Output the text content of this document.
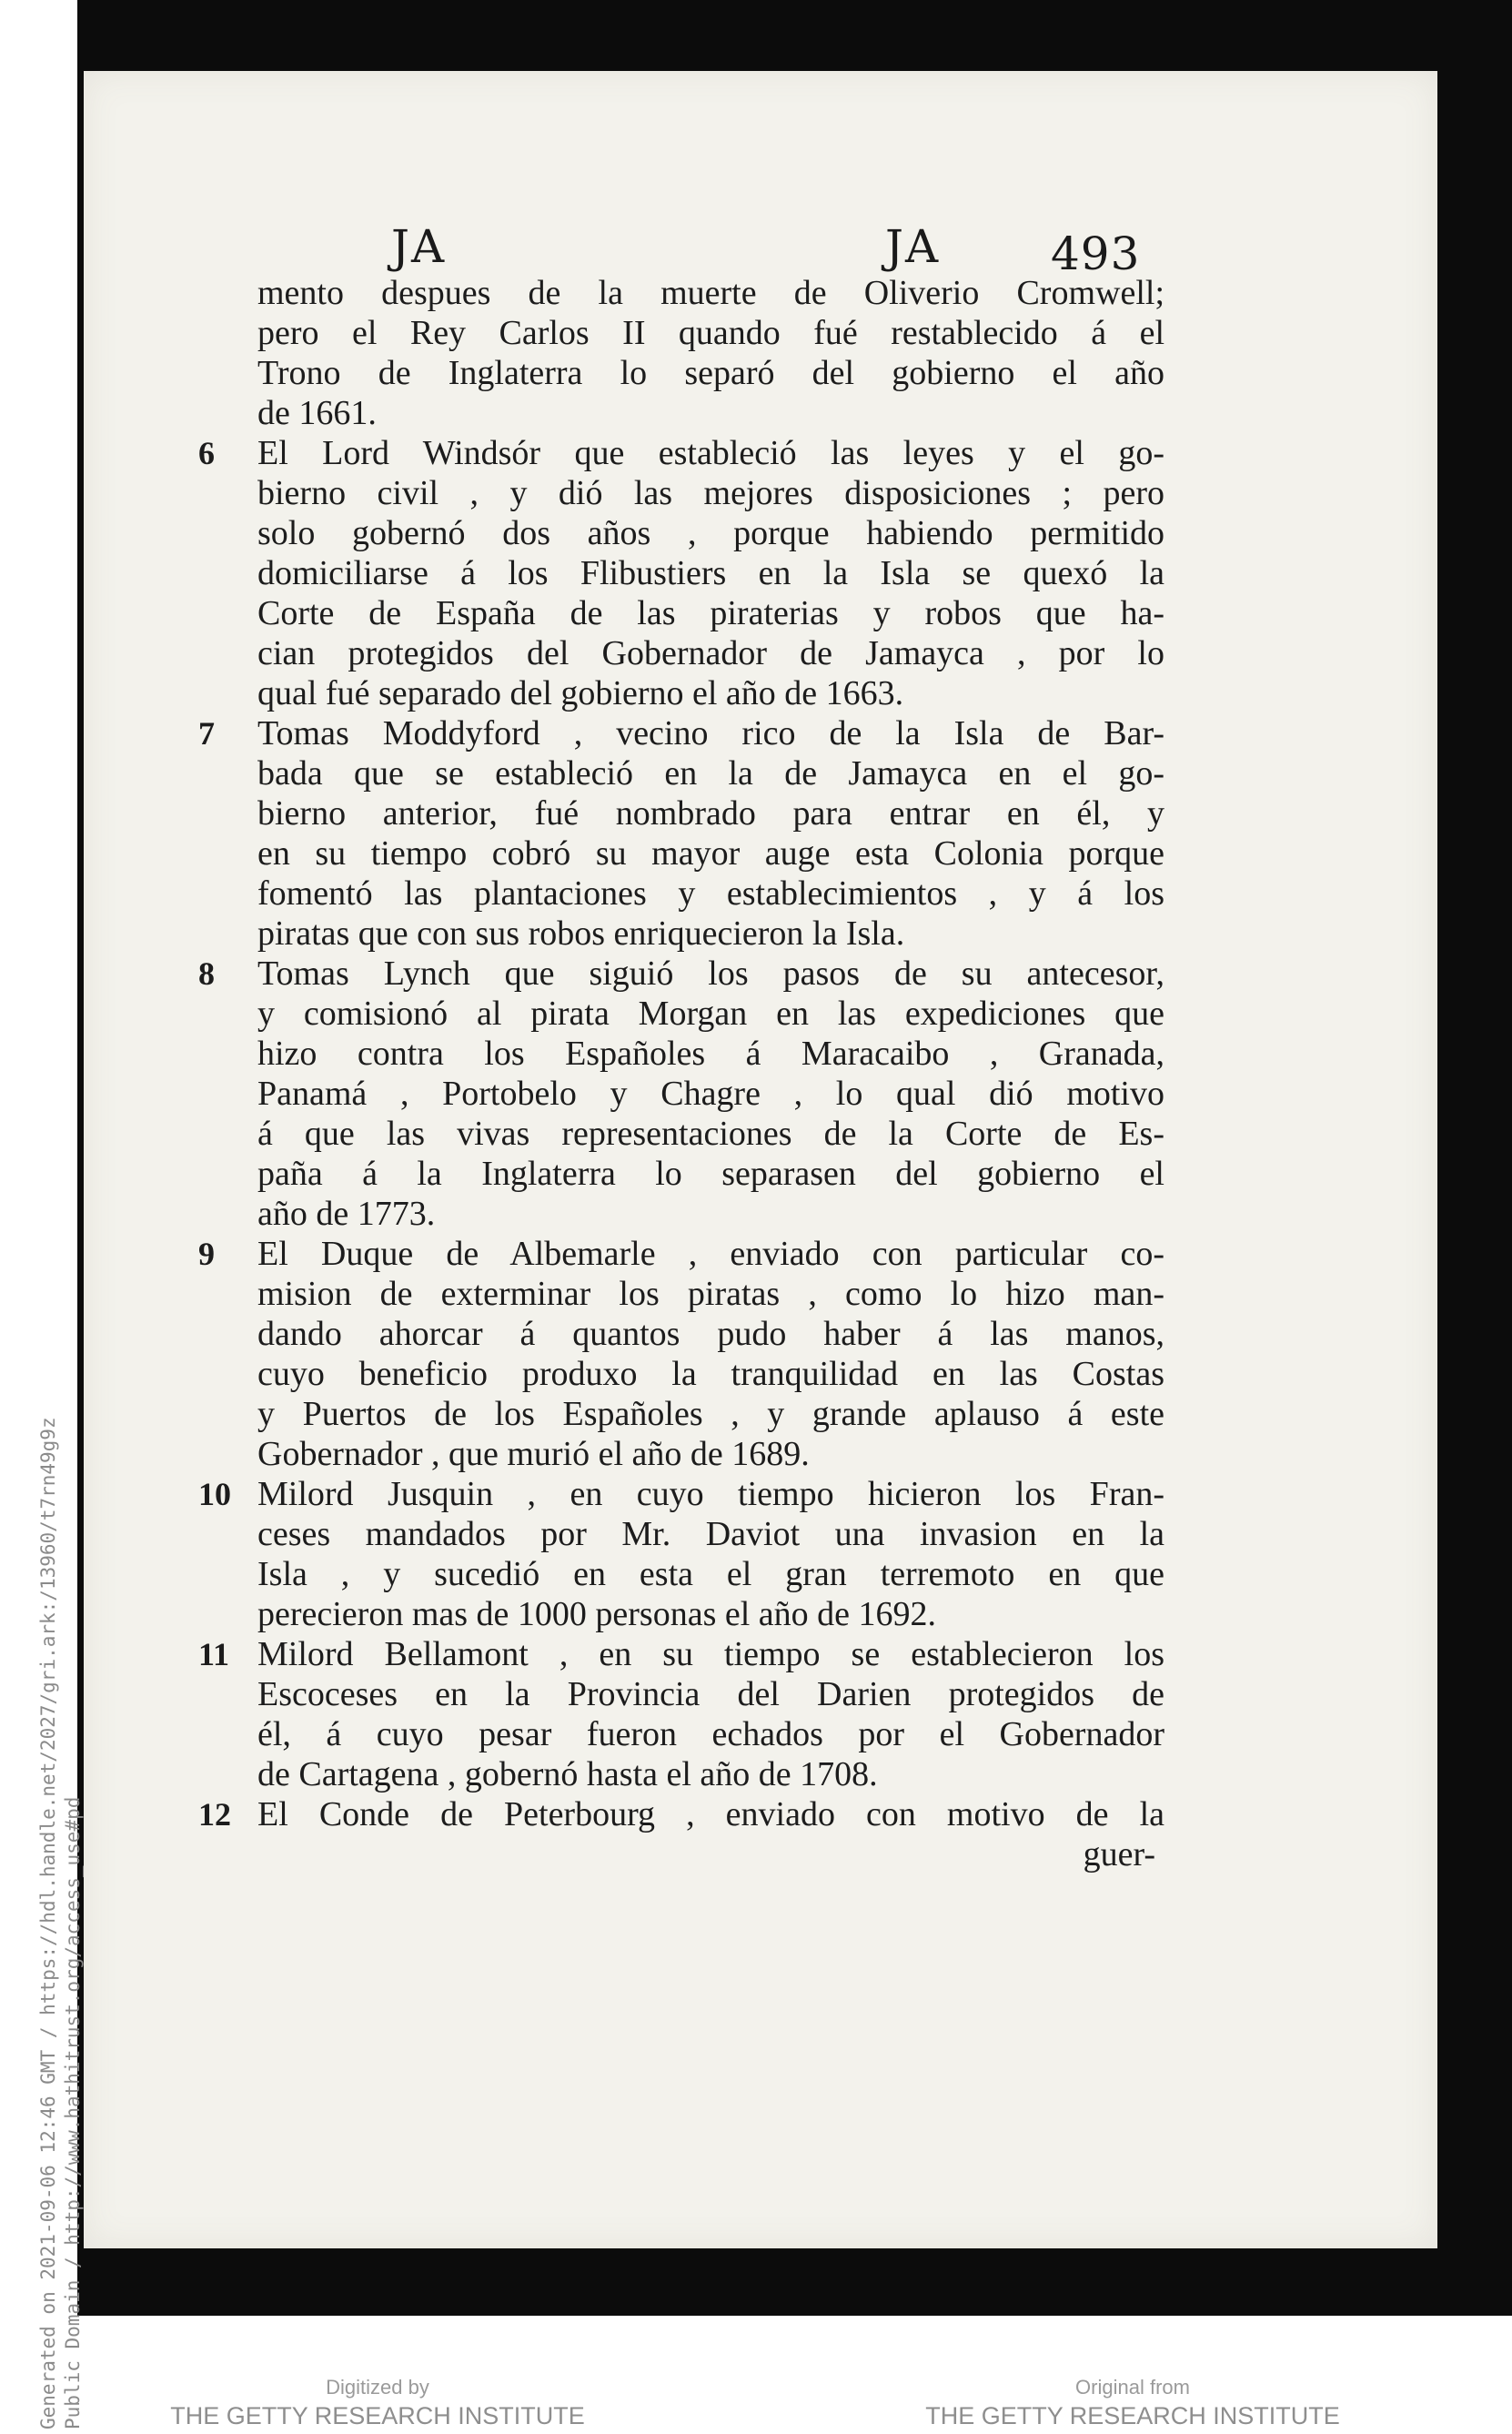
JA	JA 493
mento despues de la muerte de Oliverio Cromwell;
pero el Rey Carlos II quando fué restablecido á el
Trono de Inglaterra lo separó del gobierno el año
de 1661.
6	El Lord Windsór que estableció las leyes y el go-
bierno civil , y dió las mejores disposiciones ; pero
solo gobernó dos años , porque habiendo permitido
domiciliarse á los Flibustiers en la Isla se quexó la
Corte de España de las piraterias y robos que ha-
cian protegidos del Gobernador de Jamayca , por lo
qual fué separado del gobierno el año de 1663.
7	Tomas Moddyford , vecino rico de la Isla de Bar-
bada que se estableció en la de Jamayca en el go-
bierno anterior, fué nombrado para entrar en él, y
en su tiempo cobró su mayor auge esta Colonia porque
fomentó las plantaciones y establecimientos , y á los
piratas que con sus robos enriquecieron la Isla.
8	Tomas Lynch que siguió los pasos de su antecesor,
y comisionó al pirata Morgan en las expediciones que
hizo contra los Españoles á Maracaibo , Granada,
Panamá , Portobelo y Chagre , lo qual dió motivo
á que las vivas representaciones de la Corte de Es-
paña á la Inglaterra lo separasen del gobierno el
año de 1773.
9	El Duque de Albemarle , enviado con particular co-
mision de exterminar los piratas , como lo hizo man-
dando ahorcar á quantos pudo haber á las manos,
cuyo beneficio produxo la tranquilidad en las Costas
y Puertos de los Españoles , y grande aplauso á este
Gobernador , que murió el año de 1689.
10 Milord Jusquin , en cuyo tiempo hicieron los Fran-
ceses mandados por Mr. Daviot una invasion en la
Isla , y sucedió en esta el gran terremoto en que
perecieron mas de 1000 personas el año de 1692.
11 Milord Bellamont , en su tiempo se establecieron los
Escoceses en la Provincia del Darien protegidos de
él, á cuyo pesar fueron echados por el Gobernador
de Cartagena , gobernó hasta el año de 1708.
12 El Conde de Peterbourg , enviado con motivo de la
guer-
Generated on 2021-09-06 12:46 GMT / https://hdl.handle.net/2027/gri.ark:/13960/t7rn49g9z Public Domain / http://www.hathitrust.org/access_use#pd	Digitized by
THE GETTY RESEARCH INSTITUTE
Original from
THE GETTY RESEARCH INSTITUTE
